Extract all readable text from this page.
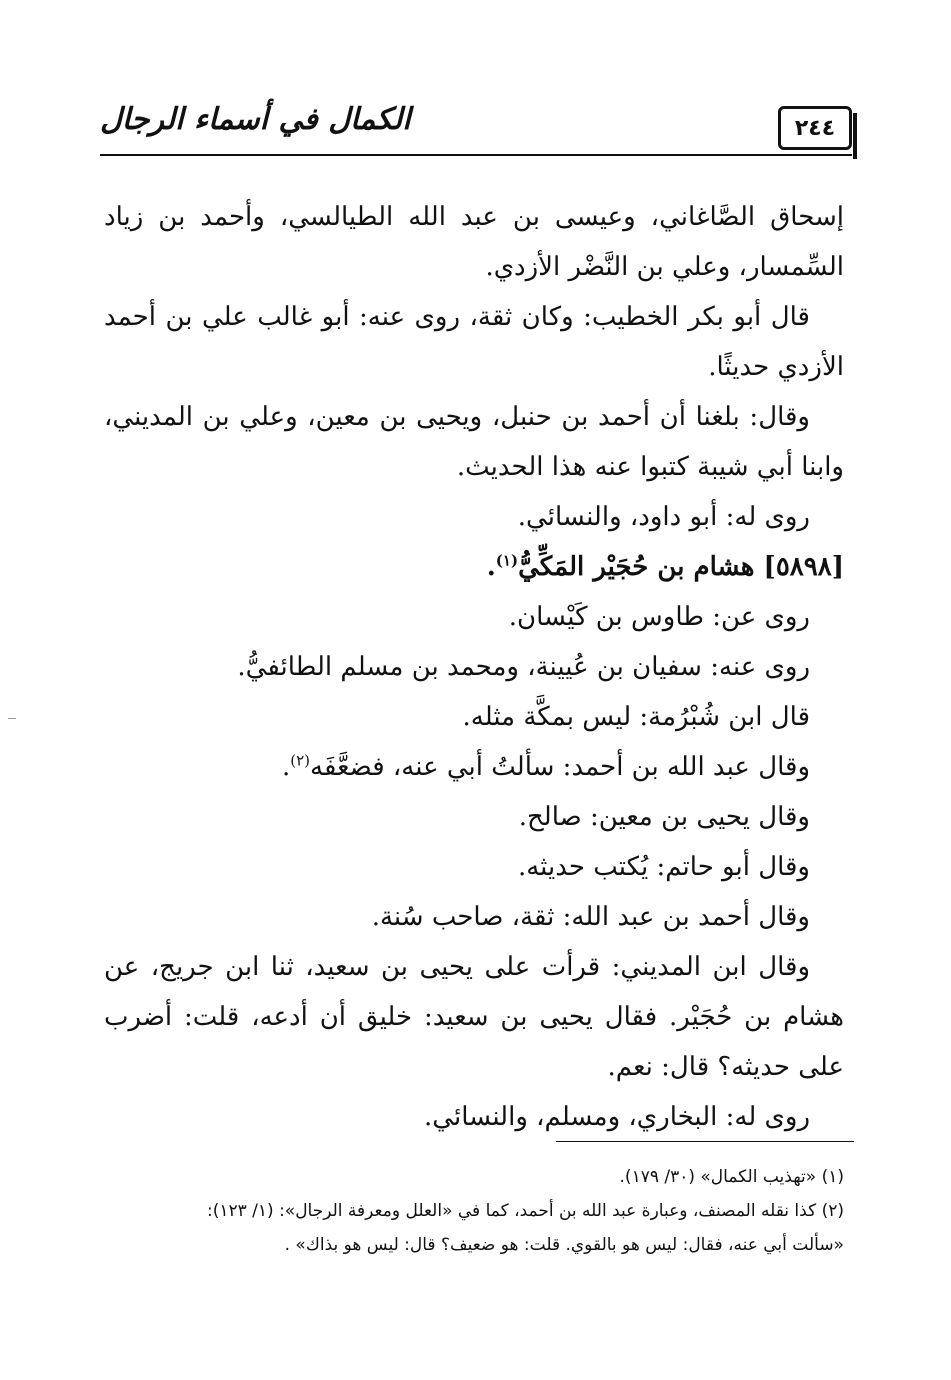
الكمال في أسماء الرجال	٢٤٤

إسحاق الصَّاغاني، وعيسى بن عبد الله الطيالسي، وأحمد بن زياد السِّمسار، وعلي بن النَّضْر الأزدي.

قال أبو بكر الخطيب: وكان ثقة، روى عنه: أبو غالب علي بن أحمد الأزدي حديثًا.

وقال: بلغنا أن أحمد بن حنبل، ويحيى بن معين، وعلي بن المديني، وابنا أبي شيبة كتبوا عنه هذا الحديث.

روى له: أبو داود، والنسائي.

[٥٨٩٨] هشام بن حُجَيْر المَكِّيُّ$^{(١)}$.

روى عن: طاوس بن كَيْسان.

روى عنه: سفيان بن عُيينة، ومحمد بن مسلم الطائفيُّ.

قال ابن شُبْرُمة: ليس بمكَّة مثله.

وقال عبد الله بن أحمد: سألتُ أبي عنه، فضعَّفَه$^{(٢)}$.

وقال يحيى بن معين: صالح.

وقال أبو حاتم: يُكتب حديثه.

وقال أحمد بن عبد الله: ثقة، صاحب سُنة.

وقال ابن المديني: قرأت على يحيى بن سعيد، ثنا ابن جريج، عن هشام بن حُجَيْر. فقال يحيى بن سعيد: خليق أن أدعه، قلت: أضرب على حديثه؟ قال: نعم.

روى له: البخاري، ومسلم، والنسائي.

(١) «تهذيب الكمال» (٣٠/ ١٧٩).

(٢) كذا نقله المصنف، وعبارة عبد الله بن أحمد، كما في «العلل ومعرفة الرجال»: (١/ ١٢٣):

«سألت أبي عنه، فقال: ليس هو بالقوي. قلت: هو ضعيف؟ قال: ليس هو بذاك» .
